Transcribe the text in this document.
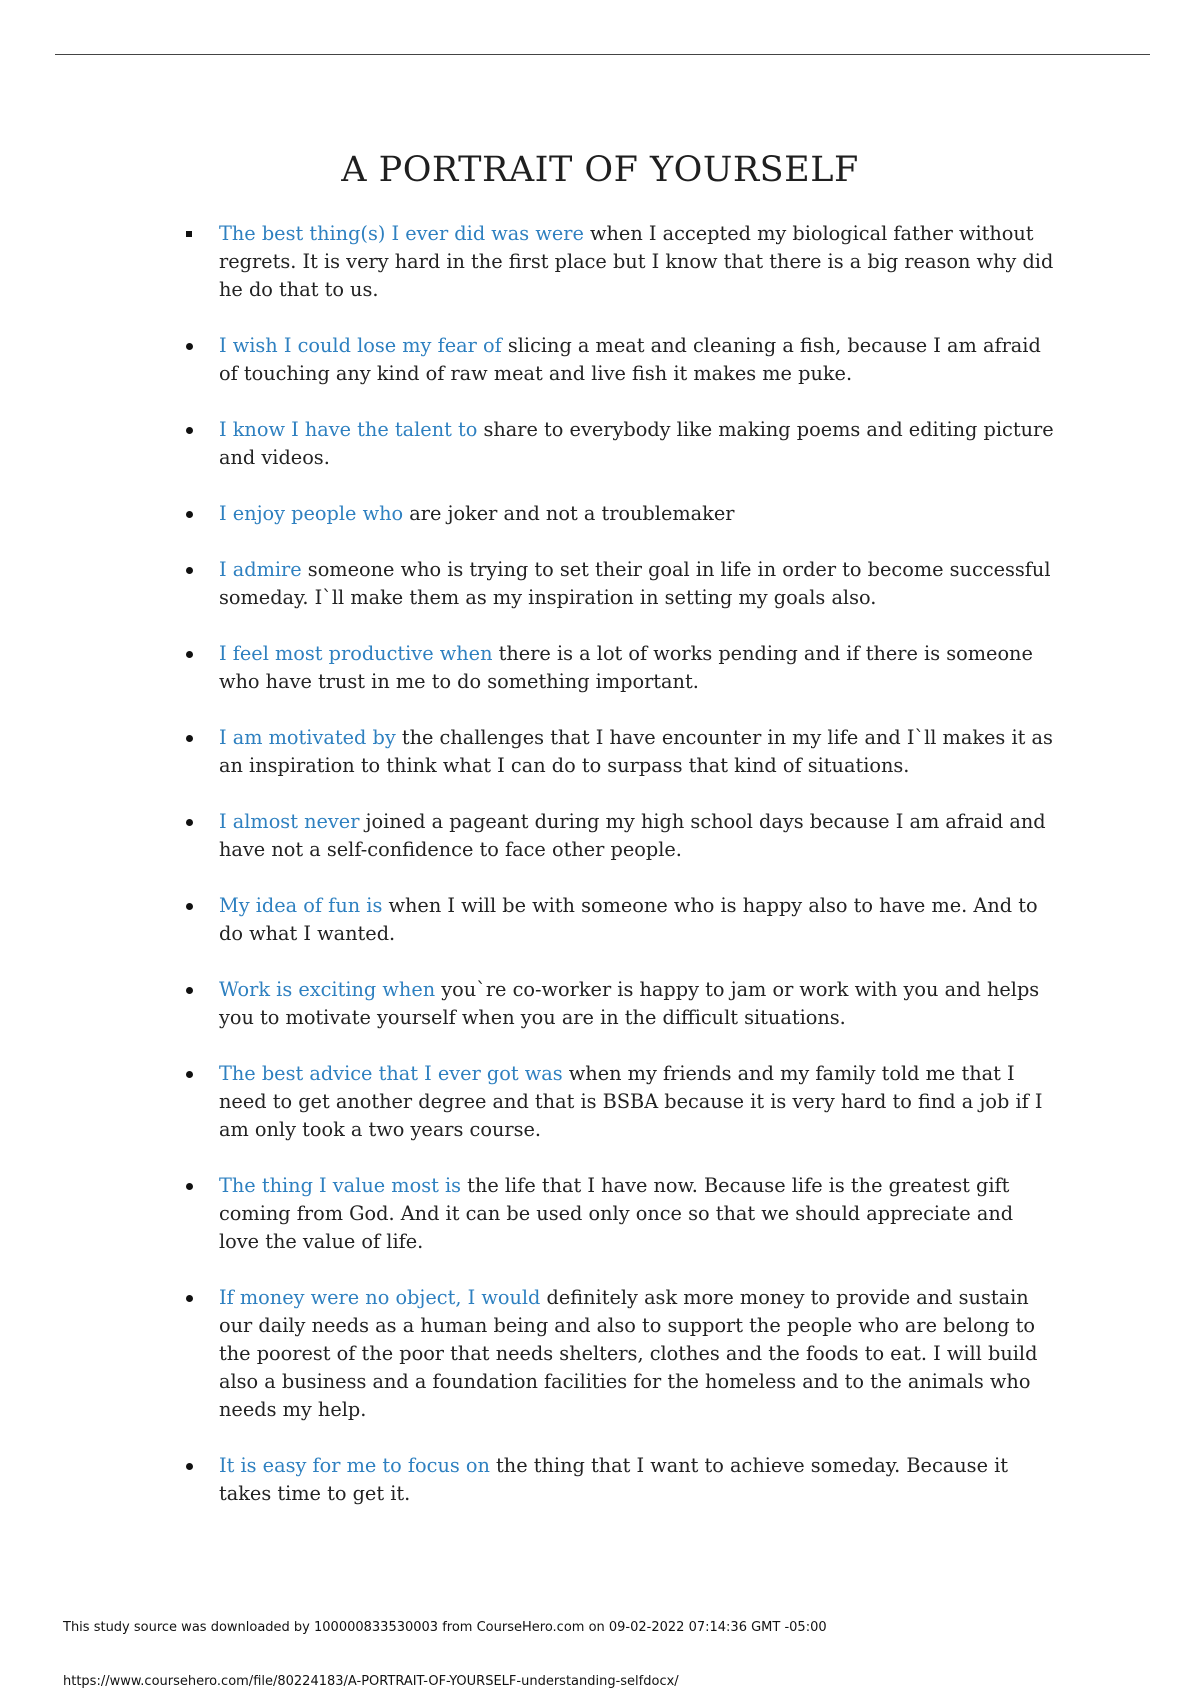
A PORTRAIT OF YOURSELF
The best thing(s) I ever did was were when I accepted my biological father without regrets. It is very hard in the first place but I know that there is a big reason why did he do that to us.
I wish I could lose my fear of slicing a meat and cleaning a fish, because I am afraid of touching any kind of raw meat and live fish it makes me puke.
I know I have the talent to share to everybody like making poems and editing picture and videos.
I enjoy people who are joker and not a troublemaker
I admire someone who is trying to set their goal in life in order to become successful someday. I`ll make them as my inspiration in setting my goals also.
I feel most productive when there is a lot of works pending and if there is someone who have trust in me to do something important.
I am motivated by the challenges that I have encounter in my life and I`ll makes it as an inspiration to think what I can do to surpass that kind of situations.
I almost never joined a pageant during my high school days because I am afraid and have not a self-confidence to face other people.
My idea of fun is when I will be with someone who is happy also to have me. And to do what I wanted.
Work is exciting when you`re co-worker is happy to jam or work with you and helps you to motivate yourself when you are in the difficult situations.
The best advice that I ever got was when my friends and my family told me that I need to get another degree and that is BSBA because it is very hard to find a job if I am only took a two years course.
The thing I value most is the life that I have now. Because life is the greatest gift coming from God. And it can be used only once so that we should appreciate and love the value of life.
If money were no object, I would definitely ask more money to provide and sustain our daily needs as a human being and also to support the people who are belong to the poorest of the poor that needs shelters, clothes and the foods to eat. I will build also a business and a foundation facilities for the homeless and to the animals who needs my help.
It is easy for me to focus on the thing that I want to achieve someday. Because it takes time to get it.
This study source was downloaded by 100000833530003 from CourseHero.com on 09-02-2022 07:14:36 GMT -05:00
https://www.coursehero.com/file/80224183/A-PORTRAIT-OF-YOURSELF-understanding-selfdocx/
